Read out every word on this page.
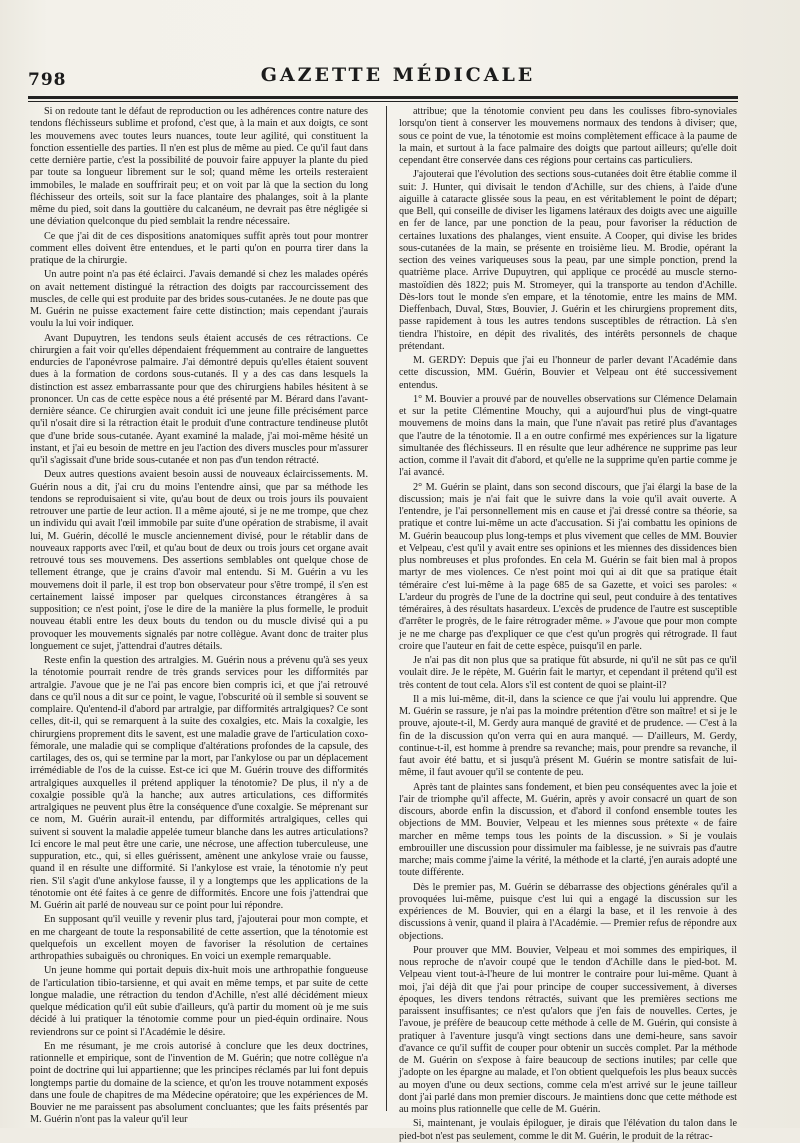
798	GAZETTE MÉDICALE

Si on redoute tant le défaut de reproduction ou les adhérences contre nature des tendons fléchisseurs sublime et profond, c'est que, à la main et aux doigts, ce sont les mouvemens avec toutes leurs nuances, toute leur agilité, qui constituent la fonction essentielle des parties. Il n'en est plus de même au pied. Ce qu'il faut dans cette dernière partie, c'est la possibilité de pouvoir faire appuyer la plante du pied par toute sa longueur librement sur le sol; quand même les orteils resteraient immobiles, le malade en souffrirait peu; et on voit par là que la section du long fléchisseur des orteils, soit sur la face plantaire des phalanges, soit à la plante même du pied, soit dans la gouttière du calcanéum, ne devrait pas être négligée si une déviation quelconque du pied semblait la rendre nécessaire.

Ce que j'ai dit de ces dispositions anatomiques suffit après tout pour montrer comment elles doivent être entendues, et le parti qu'on en pourra tirer dans la pratique de la chirurgie.

Un autre point n'a pas été éclairci. J'avais demandé si chez les malades opérés on avait nettement distingué la rétraction des doigts par raccourcissement des muscles, de celle qui est produite par des brides sous-cutanées. Je ne doute pas que M. Guérin ne puisse exactement faire cette distinction; mais cependant j'aurais voulu la lui voir indiquer.

Avant Dupuytren, les tendons seuls étaient accusés de ces rétractions. Ce chirurgien a fait voir qu'elles dépendaient fréquemment au contraire de languettes endurcies de l'aponévrose palmaire. J'ai démontré depuis qu'elles étaient souvent dues à la formation de cordons sous-cutanés. Il y a des cas dans lesquels la distinction est assez embarrassante pour que des chirurgiens habiles hésitent à se prononcer. Un cas de cette espèce nous a été présenté par M. Bérard dans l'avant-dernière séance. Ce chirurgien avait conduit ici une jeune fille précisément parce qu'il n'osait dire si la rétraction était le produit d'une contracture tendineuse plutôt que d'une bride sous-cutanée. Ayant examiné la malade, j'ai moi-même hésité un instant, et j'ai eu besoin de mettre en jeu l'action des divers muscles pour m'assurer qu'il s'agissait d'une bride sous-cutanée et non pas d'un tendon rétracté.

Deux autres questions avaient besoin aussi de nouveaux éclaircissements. M. Guérin nous a dit, j'ai cru du moins l'entendre ainsi, que par sa méthode les tendons se reproduisaient si vite, qu'au bout de deux ou trois jours ils pouvaient retrouver une partie de leur action. Il a même ajouté, si je ne me trompe, que chez un individu qui avait l'œil immobile par suite d'une opération de strabisme, il avait lui, M. Guérin, décollé le muscle anciennement divisé, pour le rétablir dans de nouveaux rapports avec l'œil, et qu'au bout de deux ou trois jours cet organe avait retrouvé tous ses mouvemens. Des assertions semblables ont quelque chose de tellement étrange, que je crains d'avoir mal entendu. Si M. Guérin a vu les mouvemens doit il parle, il est trop bon observateur pour s'être trompé, il s'en est certainement laissé imposer par quelques circonstances étrangères à sa supposition; ce n'est point, j'ose le dire de la manière la plus formelle, le produit nouveau établi entre les deux bouts du tendon ou du muscle divisé qui a pu provoquer les mouvements signalés par notre collègue. Avant donc de traiter plus longuement ce sujet, j'attendrai d'autres détails.

Reste enfin la question des artralgies. M. Guérin nous a prévenu qu'à ses yeux la ténotomie pourrait rendre de très grands services pour les difformités par artralgie. J'avoue que je ne l'ai pas encore bien compris ici, et que j'ai retrouvé dans ce qu'il nous a dit sur ce point, le vague, l'obscurité où il semble si souvent se complaire. Qu'entend-il d'abord par artralgie, par difformités artralgiques? Ce sont celles, dit-il, qui se remarquent à la suite des coxalgies, etc. Mais la coxalgie, les chirurgiens proprement dits le savent, est une maladie grave de l'articulation coxo-fémorale, une maladie qui se complique d'altérations profondes de la capsule, des cartilages, des os, qui se termine par la mort, par l'ankylose ou par un déplacement irrémédiable de l'os de la cuisse. Est-ce ici que M. Guérin trouve des difformités artralgiques auxquelles il prétend appliquer la ténotomie? De plus, il n'y a de coxalgie possible qu'à la hanche; aux autres articulations, ces difformités artralgiques ne peuvent plus être la conséquence d'une coxalgie. Se méprenant sur ce nom, M. Guérin aurait-il entendu, par difformités artralgiques, celles qui suivent si souvent la maladie appelée tumeur blanche dans les autres articulations? Ici encore le mal peut être une carie, une nécrose, une affection tuberculeuse, une suppuration, etc., qui, si elles guérissent, amènent une ankylose vraie ou fausse, quand il en résulte une difformité. Si l'ankylose est vraie, la ténotomie n'y peut rien. S'il s'agit d'une ankylose fausse, il y a longtemps que les applications de la ténotomie ont été faites à ce genre de difformités. Encore une fois j'attendrai que M. Guérin ait parlé de nouveau sur ce point pour lui répondre.

En supposant qu'il veuille y revenir plus tard, j'ajouterai pour mon compte, et en me chargeant de toute la responsabilité de cette assertion, que la ténotomie est quelquefois un excellent moyen de favoriser la résolution de certaines arthropathies subaiguës ou chroniques. En voici un exemple remarquable.

Un jeune homme qui portait depuis dix-huit mois une arthropathie fongueuse de l'articulation tibio-tarsienne, et qui avait en même temps, et par suite de cette longue maladie, une rétraction du tendon d'Achille, n'est allé décidément mieux quelque médication qu'il eût subie d'ailleurs, qu'à partir du moment où je me suis décidé à lui pratiquer la ténotomie comme pour un pied-équin ordinaire. Nous reviendrons sur ce point si l'Académie le désire.

En me résumant, je me crois autorisé à conclure que les deux doctrines, rationnelle et empirique, sont de l'invention de M. Guérin; que notre collègue n'a point de doctrine qui lui appartienne; que les principes réclamés par lui font depuis longtemps partie du domaine de la science, et qu'on les trouve notamment exposés dans une foule de chapitres de ma Médecine opératoire; que les expériences de M. Bouvier ne me paraissent pas absolument concluantes; que les faits présentés par M. Guérin n'ont pas la valeur qu'il leur

attribue; que la ténotomie convient peu dans les coulisses fibro-synoviales lorsqu'on tient à conserver les mouvemens normaux des tendons à diviser; que, sous ce point de vue, la ténotomie est moins complètement efficace à la paume de la main, et surtout à la face palmaire des doigts que partout ailleurs; qu'elle doit cependant être conservée dans ces régions pour certains cas particuliers.

J'ajouterai que l'évolution des sections sous-cutanées doit être établie comme il suit: J. Hunter, qui divisait le tendon d'Achille, sur des chiens, à l'aide d'une aiguille à cataracte glissée sous la peau, en est véritablement le point de départ; que Bell, qui conseille de diviser les ligamens latéraux des doigts avec une aiguille en fer de lance, par une ponction de la peau, pour favoriser la réduction de certaines luxations des phalanges, vient ensuite. A Cooper, qui divise les brides sous-cutanées de la main, se présente en troisième lieu. M. Brodie, opérant la section des veines variqueuses sous la peau, par une simple ponction, prend la quatrième place. Arrive Dupuytren, qui applique ce procédé au muscle sterno-mastoïdien dès 1822; puis M. Stromeyer, qui la transporte au tendon d'Achille. Dès-lors tout le monde s'en empare, et la ténotomie, entre les mains de MM. Dieffenbach, Duval, Stœs, Bouvier, J. Guérin et les chirurgiens proprement dits, passe rapidement à tous les autres tendons susceptibles de rétraction. Là s'en tiendra l'histoire, en dépit des rivalités, des intérêts personnels de chaque prétendant.

M. GERDY: Depuis que j'ai eu l'honneur de parler devant l'Académie dans cette discussion, MM. Guérin, Bouvier et Velpeau ont été successivement entendus.

1° M. Bouvier a prouvé par de nouvelles observations sur Clémence Delamain et sur la petite Clémentine Mouchy, qui a aujourd'hui plus de vingt-quatre mouvemens de moins dans la main, que l'une n'avait pas retiré plus d'avantages que l'autre de la ténotomie. Il a en outre confirmé mes expériences sur la ligature simultanée des fléchisseurs. Il en résulte que leur adhérence ne supprime pas leur action, comme il l'avait dit d'abord, et qu'elle ne la supprime qu'en partie comme je l'ai avancé.

2° M. Guérin se plaint, dans son second discours, que j'ai élargi la base de la discussion; mais je n'ai fait que le suivre dans la voie qu'il avait ouverte. A l'entendre, je l'ai personnellement mis en cause et j'ai dressé contre sa théorie, sa pratique et contre lui-même un acte d'accusation. Si j'ai combattu les opinions de M. Guérin beaucoup plus long-temps et plus vivement que celles de MM. Bouvier et Velpeau, c'est qu'il y avait entre ses opinions et les miennes des dissidences bien plus nombreuses et plus profondes. En cela M. Guérin se fait bien mal à propos martyr de mes violences. Ce n'est point moi qui ai dit que sa pratique était téméraire c'est lui-même à la page 685 de sa Gazette, et voici ses paroles: « L'ardeur du progrès de l'une de la doctrine qui seul, peut conduire à des tentatives téméraires, à des résultats hasardeux. L'excès de prudence de l'autre est susceptible d'arrêter le progrès, de le faire rétrograder même. » J'avoue que pour mon compte je ne me charge pas d'expliquer ce que c'est qu'un progrès qui rétrograde. Il faut croire que l'auteur en fait de cette espèce, puisqu'il en parle.

Je n'ai pas dit non plus que sa pratique fût absurde, ni qu'il ne sût pas ce qu'il voulait dire. Je le répète, M. Guérin fait le martyr, et cependant il prétend qu'il est très content de tout cela. Alors s'il est content de quoi se plaint-il?

Il a mis lui-même, dit-il, dans la science ce que j'ai voulu lui apprendre. Que M. Guérin se rassure, je n'ai pas la moindre prétention d'être son maître! et si je le prouve, ajoute-t-il, M. Gerdy aura manqué de gravité et de prudence. — C'est à la fin de la discussion qu'on verra qui en aura manqué. — D'ailleurs, M. Gerdy, continue-t-il, est homme à prendre sa revanche; mais, pour prendre sa revanche, il faut avoir été battu, et si jusqu'à présent M. Guérin se montre satisfait de lui-même, il faut avouer qu'il se contente de peu.

Après tant de plaintes sans fondement, et bien peu conséquentes avec la joie et l'air de triomphe qu'il affecte, M. Guérin, après y avoir consacré un quart de son discours, aborde enfin la discussion, et d'abord il confond ensemble toutes les objections de MM. Bouvier, Velpeau et les miennes sous prétexte « de faire marcher en même temps tous les points de la discussion. » Si je voulais embrouiller une discussion pour dissimuler ma faiblesse, je ne suivrais pas d'autre marche; mais comme j'aime la vérité, la méthode et la clarté, j'en aurais adopté une toute différente.

Dès le premier pas, M. Guérin se débarrasse des objections générales qu'il a provoquées lui-même, puisque c'est lui qui a engagé la discussion sur les expériences de M. Bouvier, qui en a élargi la base, et il les renvoie à des discussions à venir, quand il plaira à l'Académie. — Premier refus de répondre aux objections.

Pour prouver que MM. Bouvier, Velpeau et moi sommes des empiriques, il nous reproche de n'avoir coupé que le tendon d'Achille dans le pied-bot. M. Velpeau vient tout-à-l'heure de lui montrer le contraire pour lui-même. Quant à moi, j'ai déjà dit que j'ai pour principe de couper successivement, à diverses époques, les divers tendons rétractés, suivant que les premières sections me paraissent insuffisantes; ce n'est qu'alors que j'en fais de nouvelles. Certes, je l'avoue, je préfère de beaucoup cette méthode à celle de M. Guérin, qui consiste à pratiquer à l'aventure jusqu'à vingt sections dans une demi-heure, sans savoir d'avance ce qu'il suffit de couper pour obtenir un succès complet. Par la méthode de M. Guérin on s'expose à faire beaucoup de sections inutiles; par celle que j'adopte on les épargne au malade, et l'on obtient quelquefois les plus beaux succès au moyen d'une ou deux sections, comme cela m'est arrivé sur le jeune tailleur dont j'ai parlé dans mon premier discours. Je maintiens donc que cette méthode est au moins plus rationnelle que celle de M. Guérin.

Si, maintenant, je voulais épiloguer, je dirais que l'élévation du talon dans le pied-bot n'est pas seulement, comme le dit M. Guérin, le produit de la rétrac-
